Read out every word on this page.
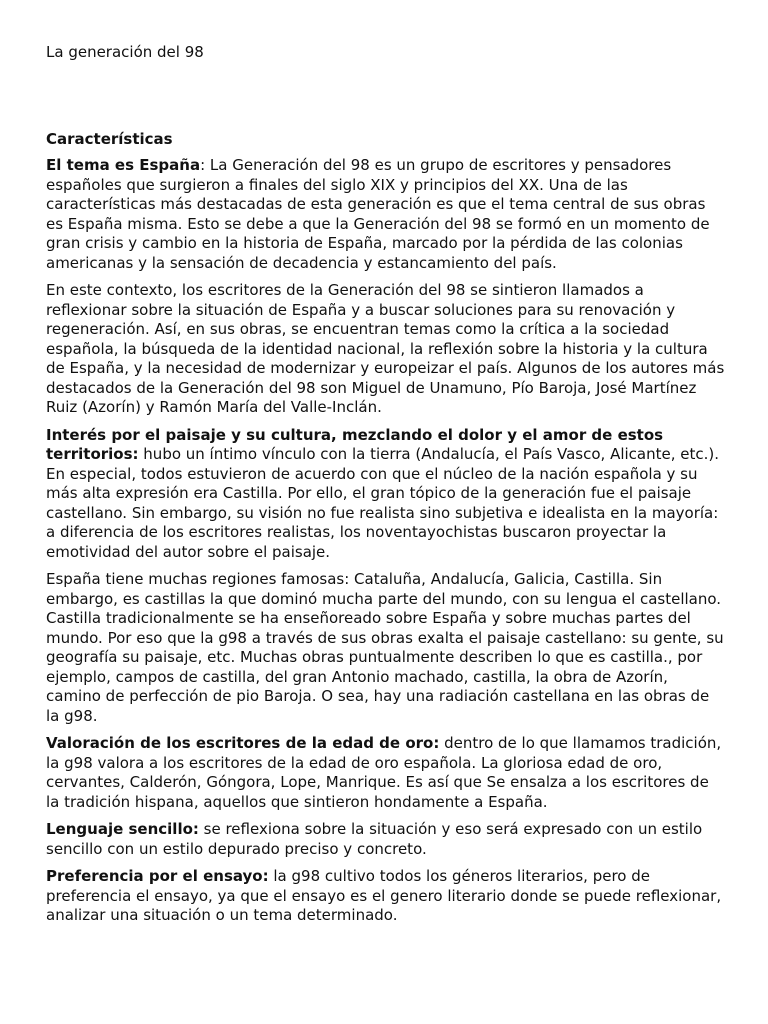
La generación del 98
Características

El tema es España: La Generación del 98 es un grupo de escritores y pensadores españoles que surgieron a finales del siglo XIX y principios del XX. Una de las características más destacadas de esta generación es que el tema central de sus obras es España misma. Esto se debe a que la Generación del 98 se formó en un momento de gran crisis y cambio en la historia de España, marcado por la pérdida de las colonias americanas y la sensación de decadencia y estancamiento del país.

En este contexto, los escritores de la Generación del 98 se sintieron llamados a reflexionar sobre la situación de España y a buscar soluciones para su renovación y regeneración. Así, en sus obras, se encuentran temas como la crítica a la sociedad española, la búsqueda de la identidad nacional, la reflexión sobre la historia y la cultura de España, y la necesidad de modernizar y europeizar el país. Algunos de los autores más destacados de la Generación del 98 son Miguel de Unamuno, Pío Baroja, José Martínez Ruiz (Azorín) y Ramón María del Valle-Inclán.

Interés por el paisaje y su cultura, mezclando el dolor y el amor de estos territorios: hubo un íntimo vínculo con la tierra (Andalucía, el País Vasco, Alicante, etc.). En especial, todos estuvieron de acuerdo con que el núcleo de la nación española y su más alta expresión era Castilla. Por ello, el gran tópico de la generación fue el paisaje castellano. Sin embargo, su visión no fue realista sino subjetiva e idealista en la mayoría: a diferencia de los escritores realistas, los noventayochistas buscaron proyectar la emotividad del autor sobre el paisaje.

España tiene muchas regiones famosas: Cataluña, Andalucía, Galicia, Castilla. Sin embargo, es castillas la que dominó mucha parte del mundo, con su lengua el castellano. Castilla tradicionalmente se ha enseñoreado sobre España y sobre muchas partes del mundo. Por eso que la g98 a través de sus obras exalta el paisaje castellano: su gente, su geografía su paisaje, etc. Muchas obras puntualmente describen lo que es castilla., por ejemplo, campos de castilla, del gran Antonio machado, castilla, la obra de Azorín, camino de perfección de pio Baroja. O sea, hay una radiación castellana en las obras de la g98.

Valoración de los escritores de la edad de oro: dentro de lo que llamamos tradición, la g98 valora a los escritores de la edad de oro española. La gloriosa edad de oro, cervantes, Calderón, Góngora, Lope, Manrique. Es así que Se ensalza a los escritores de la tradición hispana, aquellos que sintieron hondamente a España.

Lenguaje sencillo: se reflexiona sobre la situación y eso será expresado con un estilo sencillo con un estilo depurado preciso y concreto.

Preferencia por el ensayo: la g98 cultivo todos los géneros literarios, pero de preferencia el ensayo, ya que el ensayo es el genero literario donde se puede reflexionar, analizar una situación o un tema determinado.
